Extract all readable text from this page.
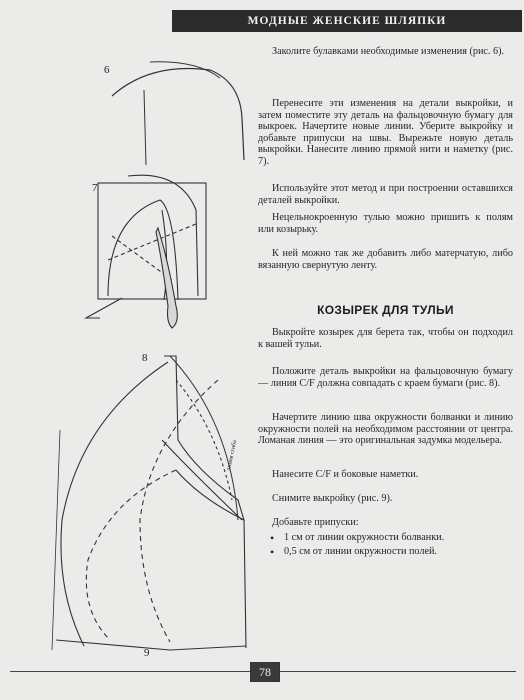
МОДНЫЕ ЖЕНСКИЕ ШЛЯПКИ

6
7
8
9
линия сгиба

Заколите булавками необходимые изменения (рис. 6).

Перенесите эти изменения на детали выкройки, и затем поместите эту деталь на фальцовочную бумагу для выкроек. Начертите новые линии. Уберите выкройку и добавьте припуски на швы. Вырежьте новую деталь выкройки. Нанесите линию прямой нити и наметку (рис. 7).

Используйте этот метод и при построении оставшихся деталей выкройки.

Нецельнокроенную тулью можно пришить к полям или козырьку.

К ней можно так же добавить либо матерчатую, либо вязанную свернутую ленту.

КОЗЫРЕК ДЛЯ ТУЛЬИ

Выкройте козырек для берета так, чтобы он подходил к вашей тульи.

Положите деталь выкройки на фальцовочную бумагу — линия C/F должна совпадать с краем бумаги (рис. 8).

Начертите линию шва окружности болванки и линию окружности полей на необходимом расстоянии от центра. Ломаная линия — это оригинальная задумка модельера.

Нанесите C/F и боковые наметки.

Снимите выкройку (рис. 9).

Добавьте припуски:

• 1 см от линии окружности болванки.
• 0,5 см от линии окружности полей.
78
